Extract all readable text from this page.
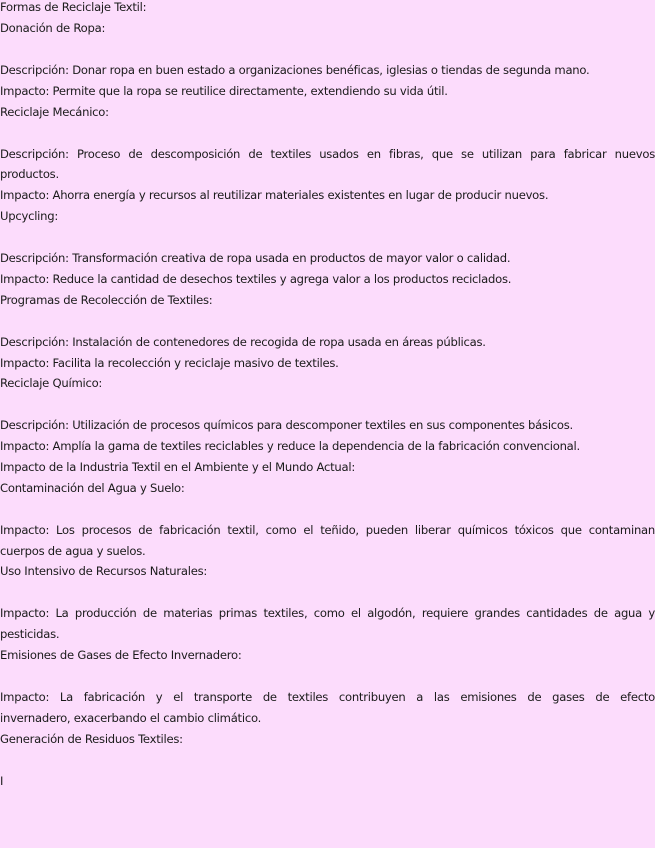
Formas de Reciclaje Textil:
Donación de Ropa:
Descripción: Donar ropa en buen estado a organizaciones benéficas, iglesias o tiendas de segunda mano.
Impacto: Permite que la ropa se reutilice directamente, extendiendo su vida útil.
Reciclaje Mecánico:
Descripción: Proceso de descomposición de textiles usados en fibras, que se utilizan para fabricar nuevos
productos.
Impacto: Ahorra energía y recursos al reutilizar materiales existentes en lugar de producir nuevos.
Upcycling:
Descripción: Transformación creativa de ropa usada en productos de mayor valor o calidad.
Impacto: Reduce la cantidad de desechos textiles y agrega valor a los productos reciclados.
Programas de Recolección de Textiles:
Descripción: Instalación de contenedores de recogida de ropa usada en áreas públicas.
Impacto: Facilita la recolección y reciclaje masivo de textiles.
Reciclaje Químico:
Descripción: Utilización de procesos químicos para descomponer textiles en sus componentes básicos.
Impacto: Amplía la gama de textiles reciclables y reduce la dependencia de la fabricación convencional.
Impacto de la Industria Textil en el Ambiente y el Mundo Actual:
Contaminación del Agua y Suelo:
Impacto: Los procesos de fabricación textil, como el teñido, pueden liberar químicos tóxicos que contaminan
cuerpos de agua y suelos.
Uso Intensivo de Recursos Naturales:
Impacto: La producción de materias primas textiles, como el algodón, requiere grandes cantidades de agua y
pesticidas.
Emisiones de Gases de Efecto Invernadero:
Impacto: La fabricación y el transporte de textiles contribuyen a las emisiones de gases de efecto
invernadero, exacerbando el cambio climático.
Generación de Residuos Textiles:
I
